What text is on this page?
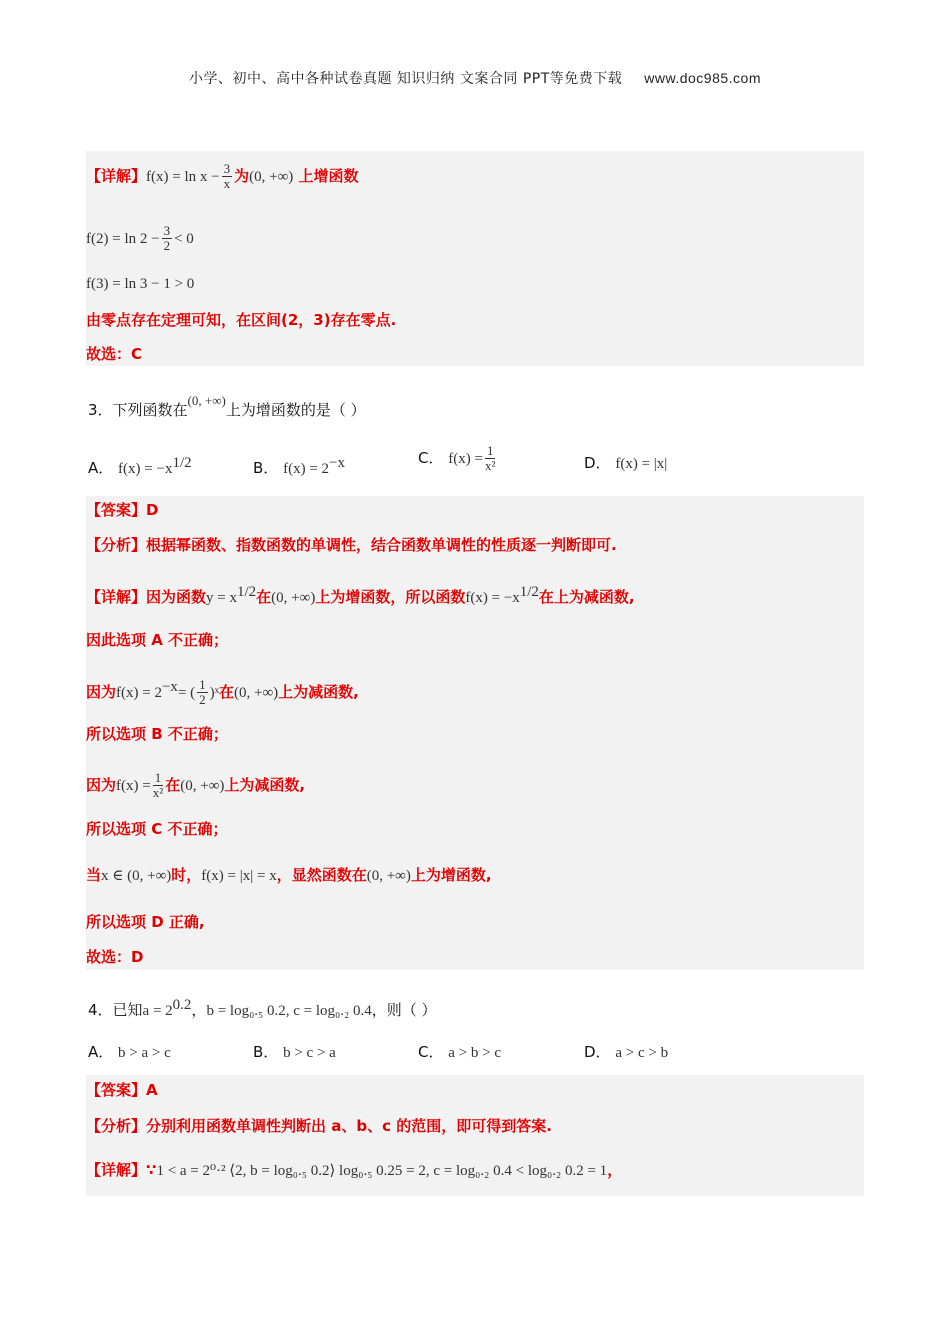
小学、初中、高中各种试卷真题 知识归纳 文案合同 PPT等免费下载 www.doc985.com
【详解】$f(x) = \ln x - \frac{3}{x}$ 为(0, +∞) 上增函数
$f(2) = \ln 2 - \frac{3}{2} < 0$
f(3) = ln 3 − 1 > 0
由零点存在定理可知，在区间(2，3)存在零点.
故选：C
3．下列函数在$^{(0, +\infty)}$上为增函数的是（ ）
A． $f(x) = -x^{1/2}$	B． $f(x) = 2^{-x}$	C． $f(x) = \frac{1}{\text{x²}}$	D． f(x) = |x|
【答案】D
【分析】根据幂函数、指数函数的单调性，结合函数单调性的性质逐一判断即可.
【详解】因为函数$y = x^{1/2}$在(0, +∞)上为增函数，所以函数$f(x) = -x^{1/2}$在上为减函数,
因此选项 A 不正确；
因为$f(x) = 2^{-x}=$ ( $\frac{1}{2}$ )ˣ在(0, +∞)上为减函数,
所以选项 B 不正确；
因为$f(x) = \frac{1}{\text{x²}}$ 在(0, +∞)上为减函数,
所以选项 C 不正确；
当x ∈ (0, +∞)时，f(x) = |x| = x，显然函数在(0, +∞)上为增函数,
所以选项 D 正确,
故选：D
4．已知$a = 2^{0.2}$，b = log₀.₅ 0.2, c = log₀.₂ 0.4，则（ ）
A． b > a > c	B． b > c > a	C． a > b > c	D． a > c > b
【答案】A
【分析】分别利用函数单调性判断出 a、b、c 的范围，即可得到答案.
【详解】∵1 < a = 2⁰·² ⟨2, b = log₀.₅ 0.2⟩ log₀.₅ 0.25 = 2, c = log₀.₂ 0.4 < log₀.₂ 0.2 = 1，
